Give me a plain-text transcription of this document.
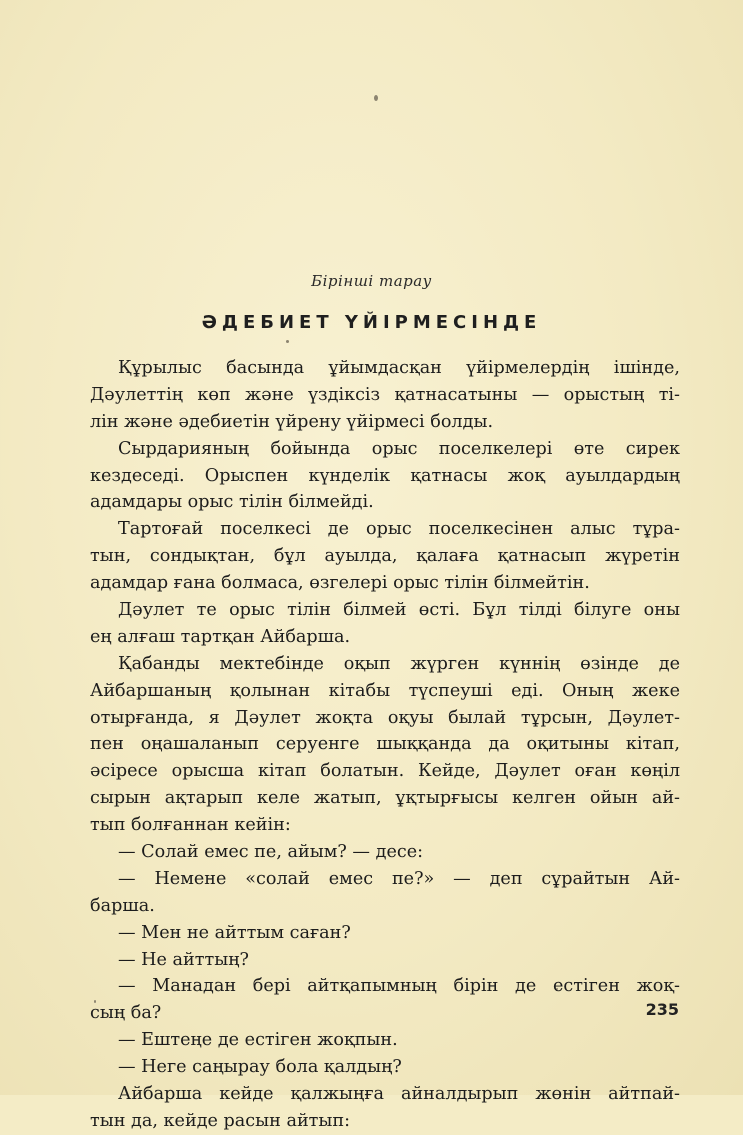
Бірінші тарау
ӘДЕБИЕТ ҮЙІРМЕСІНДЕ
Құрылыс басында ұйымдасқан үйірмелердің ішінде,
Дәулеттің көп және үздіксіз қатнасатыны — орыстың ті-
лін және әдебиетін үйрену үйірмесі болды.
Сырдарияның бойында орыс поселкелері өте сирек
кездеседі. Орыспен күнделік қатнасы жоқ ауылдардың
адамдары орыс тілін білмейді.
Тартоғай поселкесі де орыс поселкесінен алыс тұра-
тын, сондықтан, бұл ауылда, қалаға қатнасып жүретін
адамдар ғана болмаса, өзгелері орыс тілін білмейтін.
Дәулет те орыс тілін білмей өсті. Бұл тілді білуге оны
ең алғаш тартқан Айбарша.
Қабанды мектебінде оқып жүрген күннің өзінде де
Айбаршаның қолынан кітабы түспеуші еді. Оның жеке
отырғанда, я Дәулет жоқта оқуы былай тұрсын, Дәулет-
пен оңашаланып серуенге шыққанда да оқитыны кітап,
әсіресе орысша кітап болатын. Кейде, Дәулет оған көңіл
сырын ақтарып келе жатып, ұқтырғысы келген ойын ай-
тып болғаннан кейін:
— Солай емес пе, айым? — десе:
— Немене «солай емес пе?» — деп сұрайтын Ай-
барша.
— Мен не айттым саған?
— Не айттың?
— Манадан бері айтқапымның бірін де естіген жоқ-
сың ба?
— Ештеңе де естіген жоқпын.
— Неге саңырау бола қалдың?
Айбарша кейде қалжыңға айналдырып жөнін айтпай-
тын да, кейде расын айтып:
235
